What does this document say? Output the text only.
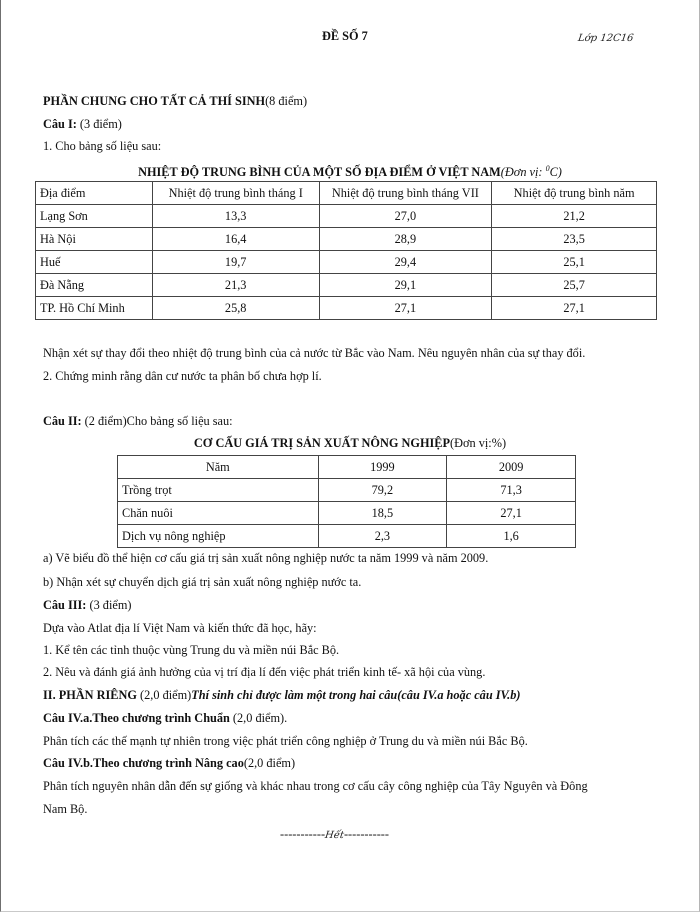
ĐỀ SỐ 7	Lớp 12C16
PHẦN CHUNG CHO TẤT CẢ THÍ SINH(8 điểm)
Câu I: (3 điểm)
1. Cho bảng số liệu sau:
NHIỆT ĐỘ TRUNG BÌNH CỦA MỘT SỐ ĐỊA ĐIỂM Ở VIỆT NAM(Đơn vị: $^0$C)
Địa điểm	Nhiệt độ trung bình tháng I	Nhiệt độ trung bình tháng VII	Nhiệt độ trung bình năm
Lạng Sơn	13,3	27,0	21,2
Hà Nội	16,4	28,9	23,5
Huế	19,7	29,4	25,1
Đà Nẵng	21,3	29,1	25,7
TP. Hồ Chí Minh	25,8	27,1	27,1
Nhận xét sự thay đổi theo nhiệt độ trung bình của cả nước từ Bắc vào Nam. Nêu nguyên nhân của sự thay đổi.
2. Chứng minh rằng dân cư nước ta phân bố chưa hợp lí.
Câu II: (2 điểm)Cho bảng số liệu sau:
CƠ CẤU GIÁ TRỊ SẢN XUẤT NÔNG NGHIỆP(Đơn vị:%)
Năm	1999	2009
Trồng trọt	79,2	71,3
Chăn nuôi	18,5	27,1
Dịch vụ nông nghiệp	2,3	1,6
a) Vẽ biểu đồ thể hiện cơ cấu giá trị sản xuất nông nghiệp nước ta năm 1999 và năm 2009.
b) Nhận xét sự chuyển dịch giá trị sản xuất nông nghiệp nước ta.
Câu III: (3 điểm)
Dựa vào Atlat địa lí Việt Nam và kiến thức đã học, hãy:
1. Kể tên các tỉnh thuộc vùng Trung du và miền núi Bắc Bộ.
2. Nêu và đánh giá ảnh hưởng của vị trí địa lí đến việc phát triển kinh tế- xã hội của vùng.
II. PHẦN RIÊNG (2,0 điểm)Thí sinh chỉ được làm một trong hai câu(câu IV.a hoặc câu IV.b)
Câu IV.a.Theo chương trình Chuẩn (2,0 điểm).
Phân tích các thế mạnh tự nhiên trong việc phát triển công nghiệp ở Trung du và miền núi Bắc Bộ.
Câu IV.b.Theo chương trình Nâng cao(2,0 điểm)
Phân tích nguyên nhân dẫn đến sự giống và khác nhau trong cơ cấu cây công nghiệp của Tây Nguyên và Đông
Nam Bộ.
-----------Hết-----------
